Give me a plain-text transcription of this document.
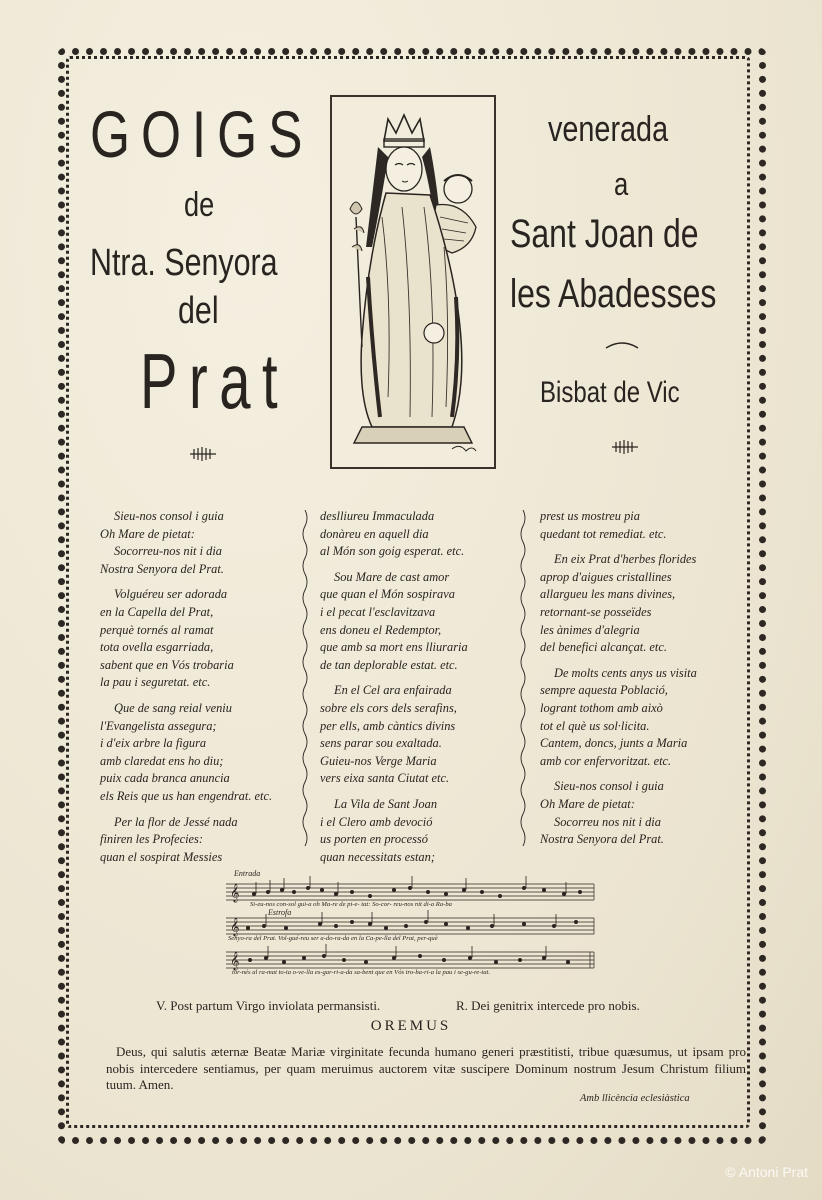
GOIGS
de
Ntra. Senyora
del
Prat
venerada
a
Sant Joan de
les Abadesses
Bisbat de Vic
Sieu-nos consol i guia
Oh Mare de pietat:
Socorreu-nos nit i dia
Nostra Senyora del Prat.
Volguéreu ser adorada
en la Capella del Prat,
perquè tornés al ramat
tota ovella esgarriada,
sabent que en Vós trobaria
la pau i seguretat. etc.
Que de sang reial veniu
l'Evangelista assegura;
i d'eix arbre la figura
amb claredat ens ho diu;
puix cada branca anuncia
els Reis que us han engendrat. etc.
Per la flor de Jessé nada
finiren les Profecies:
quan el sospirat Messies
deslliureu Immaculada
donàreu en aquell dia
al Món son goig esperat. etc.
Sou Mare de cast amor
que quan el Món sospirava
i el pecat l'esclavitzava
ens doneu el Redemptor,
que amb sa mort ens lliuraria
de tan deplorable estat. etc.
En el Cel ara enfairada
sobre els cors dels serafins,
per ells, amb càntics divins
sens parar sou exaltada.
Guieu-nos Verge Maria
vers eixa santa Ciutat etc.
La Vila de Sant Joan
i el Clero amb devoció
us porten en processó
quan necessitats estan;
prest us mostreu pia
quedant tot remediat. etc.
En eix Prat d'herbes florides
aprop d'aigues cristallines
allargueu les mans divines,
retornant-se posseïdes
les ànimes d'alegria
del benefici alcançat. etc.
De molts cents anys us visita
sempre aquesta Població,
logrant tothom amb això
tot el què us sol·licita.
Cantem, doncs, junts a Maria
amb cor enfervoritzat. etc.
Sieu-nos consol i guia
Oh Mare de pietat:
Socorreu nos nit i dia
Nostra Senyora del Prat.
𝄞
𝄞
𝄞
Entrada
Estrofa
Si-eu-nos con-sol gui-a oh Ma-re de pi-e- tat: So-cor- reu-nos nit di-a Ra-ba
Senyo-ra del Prat. Vol-gué-reu ser a-do-ra-da en la Ca-pe-lla del Prat, per-què
tor-nés al ra-mat to-ta o-ve-lla es-gar-ri-a-da sa-bent que en Vós tro-ba-ri-a la pau i se-gu-re-tat.
V. Post partum Virgo inviolata permansisti.	R. Dei genitrix intercede pro nobis.
OREMUS
Deus, qui salutis æternæ Beatæ Mariæ virginitate fecunda humano generi præstitisti, tribue quæsumus, ut ipsam pro nobis intercedere sentiamus, per quam meruimus auctorem vitæ suscipere Dominum nostrum Jesum Christum filium tuum. Amen.
Amb llicència eclesiàstica
© Antoni Prat
